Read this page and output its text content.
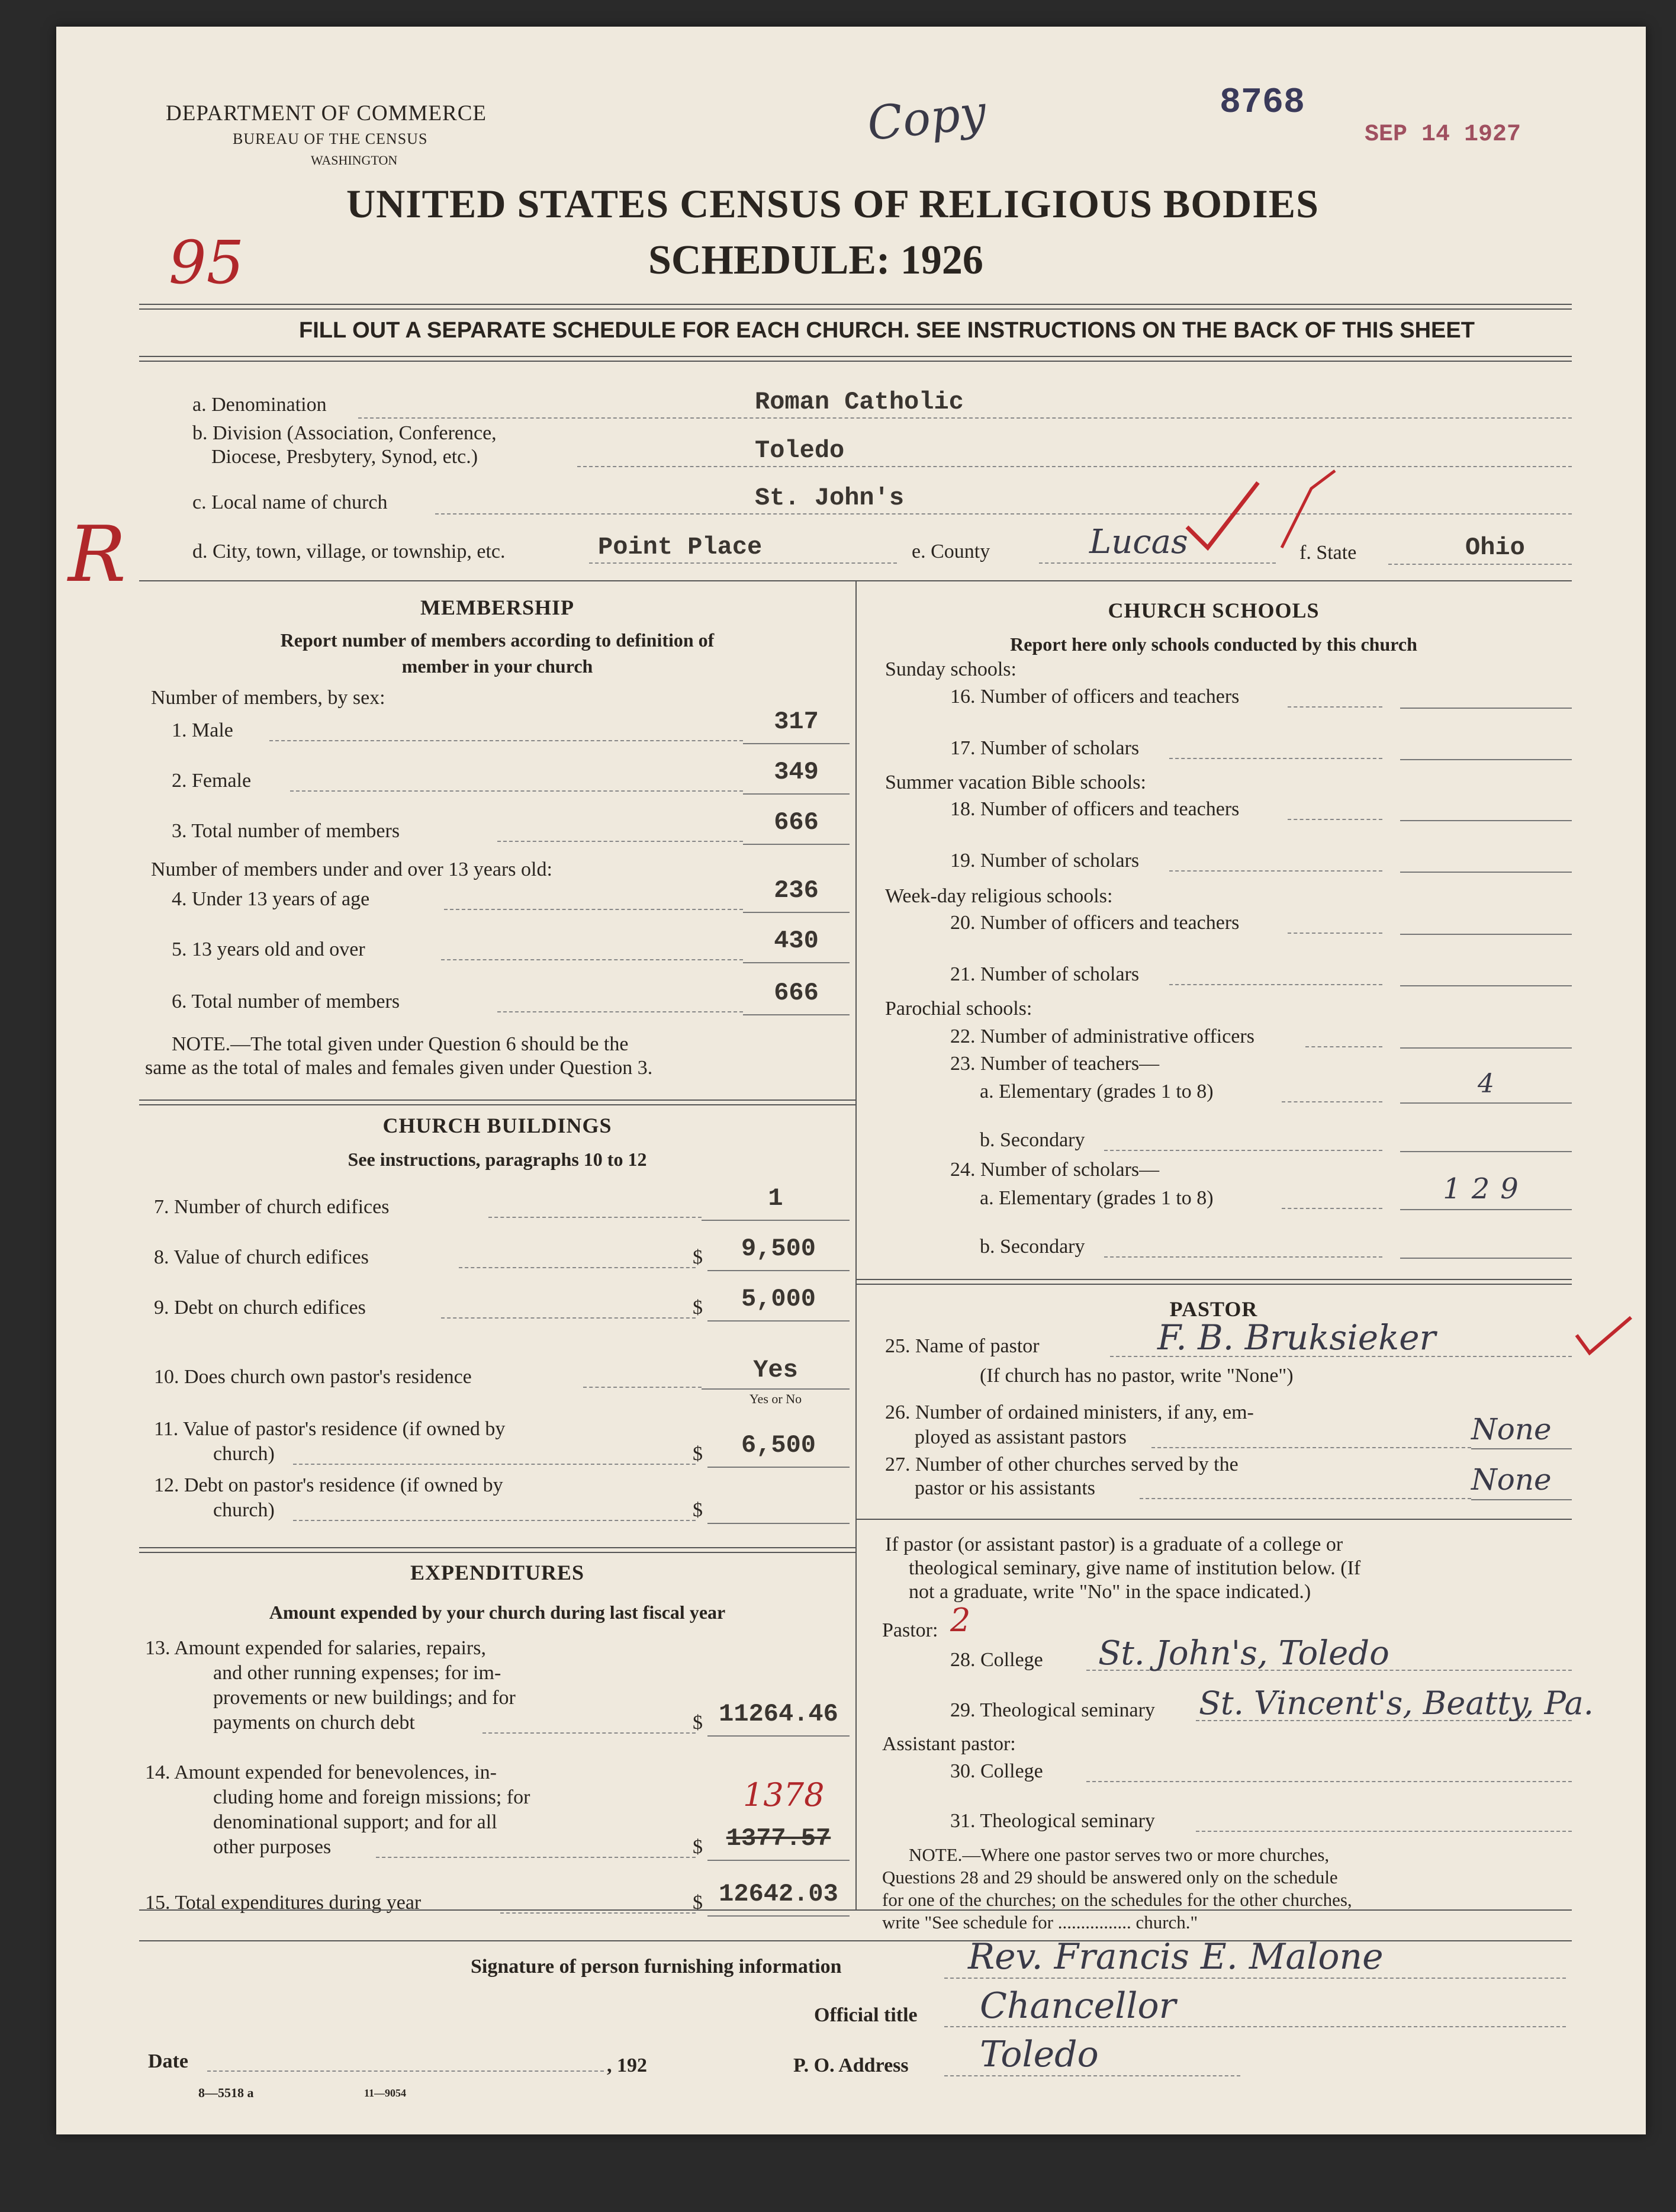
DEPARTMENT OF COMMERCE
BUREAU OF THE CENSUS
WASHINGTON
Copy	8768
SEP 14 1927
95
UNITED STATES CENSUS OF RELIGIOUS BODIES
SCHEDULE: 1926
FILL OUT A SEPARATE SCHEDULE FOR EACH CHURCH. SEE INSTRUCTIONS ON THE BACK OF THIS SHEET
R
a. Denomination	Roman Catholic
b. Division (Association, Conference,
Diocese, Presbytery, Synod, etc.)	Toledo
c. Local name of church	St. John's
d. City, town, village, or township, etc.	Point Place	e. County	Lucas	f. State	Ohio
MEMBERSHIP
Report number of members according to definition of
member in your church
Number of members, by sex:
1. Male	317
2. Female	349
3. Total number of members	666
Number of members under and over 13 years old:
4. Under 13 years of age	236
5. 13 years old and over	430
6. Total number of members	666
NOTE.—The total given under Question 6 should be the
same as the total of males and females given under Question 3.
CHURCH BUILDINGS
See instructions, paragraphs 10 to 12
7. Number of church edifices	1
8. Value of church edifices	$	9,500
9. Debt on church edifices	$	5,000
10. Does church own pastor's residence	Yes
Yes or No
11. Value of pastor's residence (if owned by
church)	$	6,500
12. Debt on pastor's residence (if owned by
church)	$
EXPENDITURES
Amount expended by your church during last fiscal year
13. Amount expended for salaries, repairs,
and other running expenses; for im-
provements or new buildings; and for
payments on church debt	$ 11264.46
14. Amount expended for benevolences, in-
cluding home and foreign missions; for
denominational support; and for all
other purposes
1378
$ 1377.57
15. Total expenditures during year	$ 12642.03
CHURCH SCHOOLS
Report here only schools conducted by this church
Sunday schools:
16. Number of officers and teachers
17. Number of scholars
Summer vacation Bible schools:
18. Number of officers and teachers
19. Number of scholars
Week-day religious schools:
20. Number of officers and teachers
21. Number of scholars
Parochial schools:
22. Number of administrative officers
23. Number of teachers—
a. Elementary (grades 1 to 8)	4
b. Secondary
24. Number of scholars—
a. Elementary (grades 1 to 8)	129
b. Secondary
PASTOR
25. Name of pastor	F. B. Bruksieker
(If church has no pastor, write "None")
26. Number of ordained ministers, if any, em-
ployed as assistant pastors	None
27. Number of other churches served by the
pastor or his assistants	None
If pastor (or assistant pastor) is a graduate of a college or
theological seminary, give name of institution below. (If
not a graduate, write "No" in the space indicated.)
Pastor: 2
28. College St. John's, Toledo
29. Theological seminary St. Vincent's, Beatty, Pa.
Assistant pastor:
30. College
31. Theological seminary
NOTE.—Where one pastor serves two or more churches,
Questions 28 and 29 should be answered only on the schedule
for one of the churches; on the schedules for the other churches,
write "See schedule for ................ church."
Signature of person furnishing information	Rev. Francis E. Malone
Official title Chancellor
Date	, 192	P. O. Address Toledo
8—5518 a	11—9054
